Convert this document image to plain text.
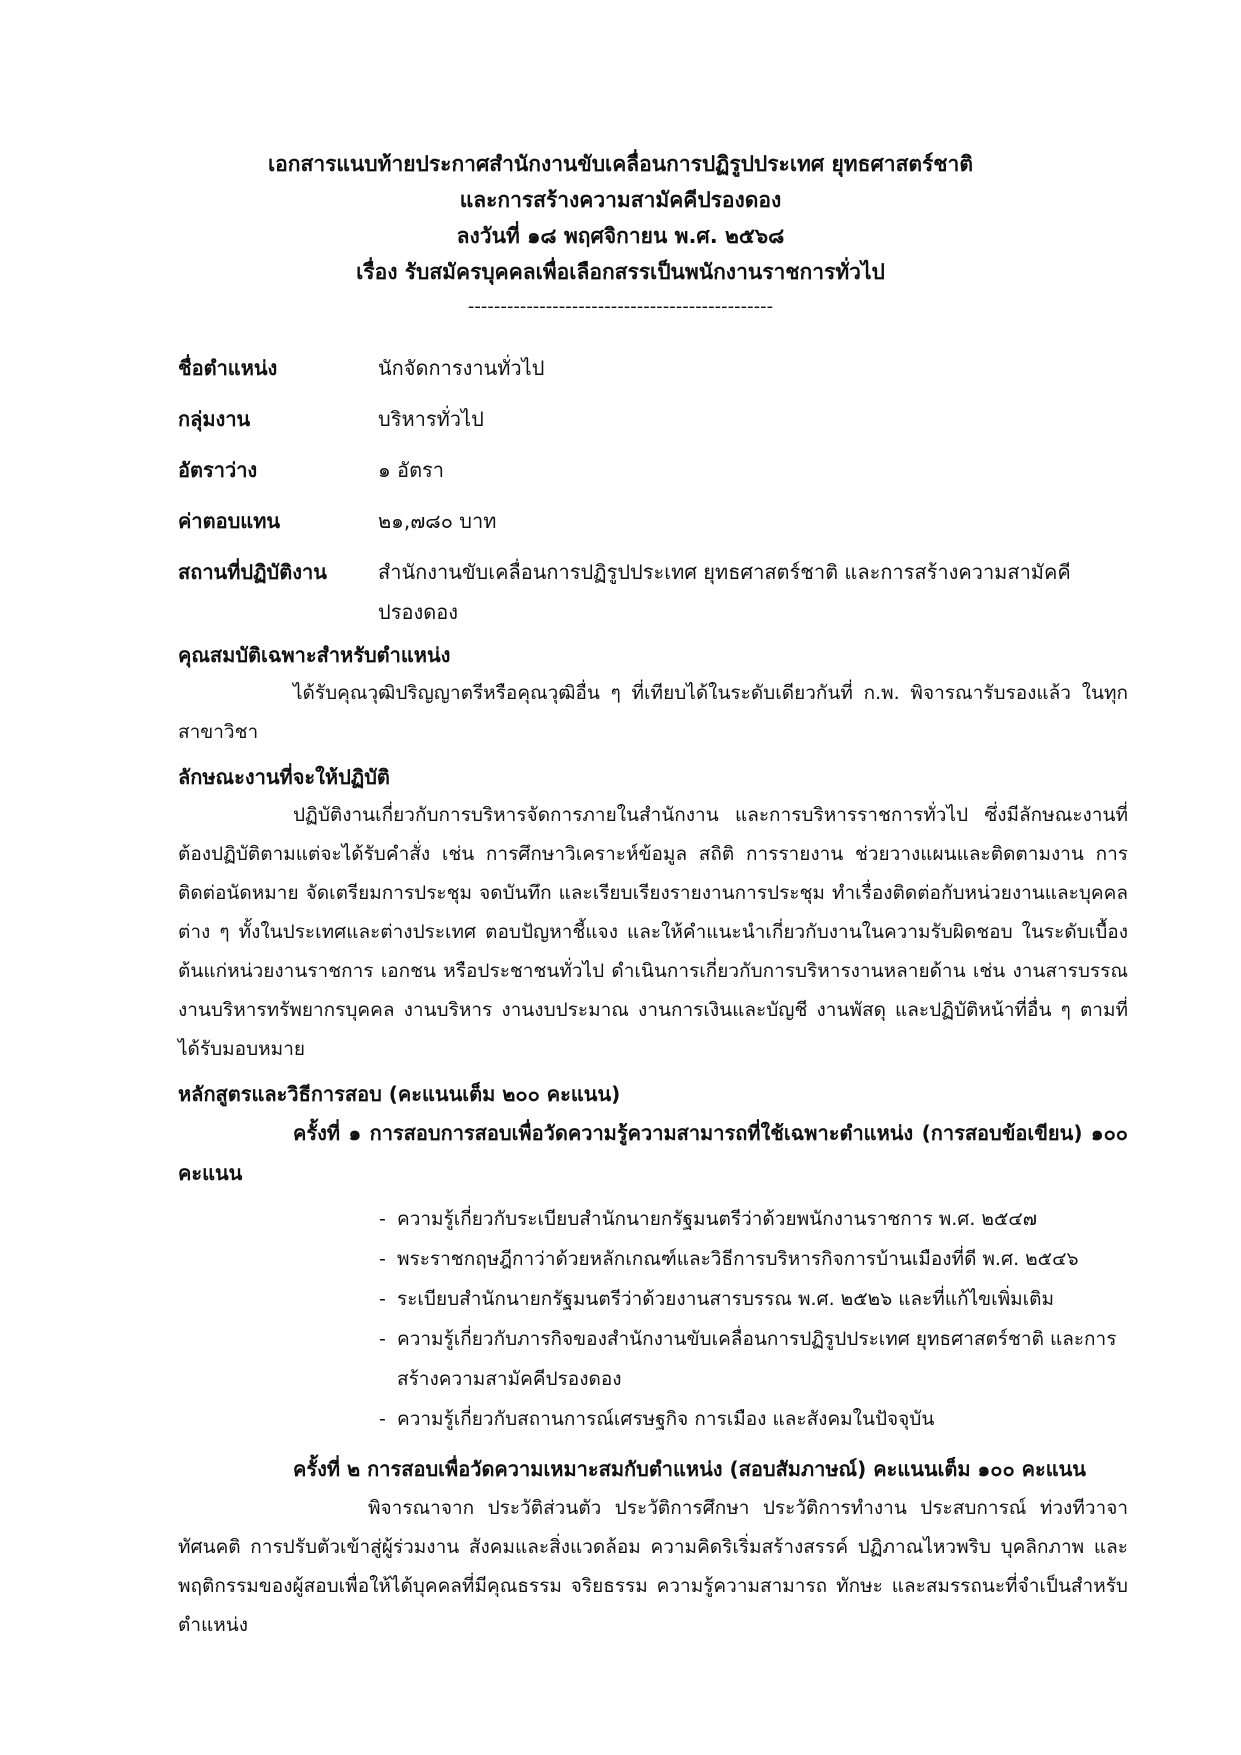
เอกสารแนบท้ายประกาศสำนักงานขับเคลื่อนการปฏิรูปประเทศ ยุทธศาสตร์ชาติ
และการสร้างความสามัคคีปรองดอง
ลงวันที่ ๑๘ พฤศจิกายน พ.ศ. ๒๕๖๘
เรื่อง รับสมัครบุคคลเพื่อเลือกสรรเป็นพนักงานราชการทั่วไป
-----------------------------------------------
ชื่อตำแหน่ง	นักจัดการงานทั่วไป
กลุ่มงาน	บริหารทั่วไป
อัตราว่าง	๑ อัตรา
ค่าตอบแทน	๒๑,๗๘๐ บาท
สถานที่ปฏิบัติงาน	สำนักงานขับเคลื่อนการปฏิรูปประเทศ ยุทธศาสตร์ชาติ และการสร้างความสามัคคีปรองดอง
คุณสมบัติเฉพาะสำหรับตำแหน่ง
ได้รับคุณวุฒิปริญญาตรีหรือคุณวุฒิอื่น ๆ ที่เทียบได้ในระดับเดียวกันที่ ก.พ. พิจารณารับรองแล้ว ในทุกสาขาวิชา
ลักษณะงานที่จะให้ปฏิบัติ
ปฏิบัติงานเกี่ยวกับการบริหารจัดการภายในสำนักงาน และการบริหารราชการทั่วไป ซึ่งมีลักษณะงานที่ต้องปฏิบัติตามแต่จะได้รับคำสั่ง เช่น การศึกษาวิเคราะห์ข้อมูล สถิติ การรายงาน ช่วยวางแผนและติดตามงาน การติดต่อนัดหมาย จัดเตรียมการประชุม จดบันทึก และเรียบเรียงรายงานการประชุม ทำเรื่องติดต่อกับหน่วยงานและบุคคลต่าง ๆ ทั้งในประเทศและต่างประเทศ ตอบปัญหาชี้แจง และให้คำแนะนำเกี่ยวกับงานในความรับผิดชอบ ในระดับเบื้องต้นแก่หน่วยงานราชการ เอกชน หรือประชาชนทั่วไป ดำเนินการเกี่ยวกับการบริหารงานหลายด้าน เช่น งานสารบรรณ งานบริหารทรัพยากรบุคคล งานบริหาร งานงบประมาณ งานการเงินและบัญชี งานพัสดุ และปฏิบัติหน้าที่อื่น ๆ ตามที่ได้รับมอบหมาย
หลักสูตรและวิธีการสอบ (คะแนนเต็ม ๒๐๐ คะแนน)
ครั้งที่ ๑ การสอบการสอบเพื่อวัดความรู้ความสามารถที่ใช้เฉพาะตำแหน่ง (การสอบข้อเขียน) ๑๐๐ คะแนน
- ความรู้เกี่ยวกับระเบียบสำนักนายกรัฐมนตรีว่าด้วยพนักงานราชการ พ.ศ. ๒๕๔๗
- พระราชกฤษฎีกาว่าด้วยหลักเกณฑ์และวิธีการบริหารกิจการบ้านเมืองที่ดี พ.ศ. ๒๕๔๖
- ระเบียบสำนักนายกรัฐมนตรีว่าด้วยงานสารบรรณ พ.ศ. ๒๕๒๖ และที่แก้ไขเพิ่มเติม
- ความรู้เกี่ยวกับภารกิจของสำนักงานขับเคลื่อนการปฏิรูปประเทศ ยุทธศาสตร์ชาติ และการสร้างความสามัคคีปรองดอง
- ความรู้เกี่ยวกับสถานการณ์เศรษฐกิจ การเมือง และสังคมในปัจจุบัน
ครั้งที่ ๒ การสอบเพื่อวัดความเหมาะสมกับตำแหน่ง (สอบสัมภาษณ์) คะแนนเต็ม ๑๐๐ คะแนน
พิจารณาจาก ประวัติส่วนตัว ประวัติการศึกษา ประวัติการทำงาน ประสบการณ์ ท่วงทีวาจา ทัศนคติ การปรับตัวเข้าสู่ผู้ร่วมงาน สังคมและสิ่งแวดล้อม ความคิดริเริ่มสร้างสรรค์ ปฏิภาณไหวพริบ บุคลิกภาพ และพฤติกรรมของผู้สอบเพื่อให้ได้บุคคลที่มีคุณธรรม จริยธรรม ความรู้ความสามารถ ทักษะ และสมรรถนะที่จำเป็นสำหรับตำแหน่ง
